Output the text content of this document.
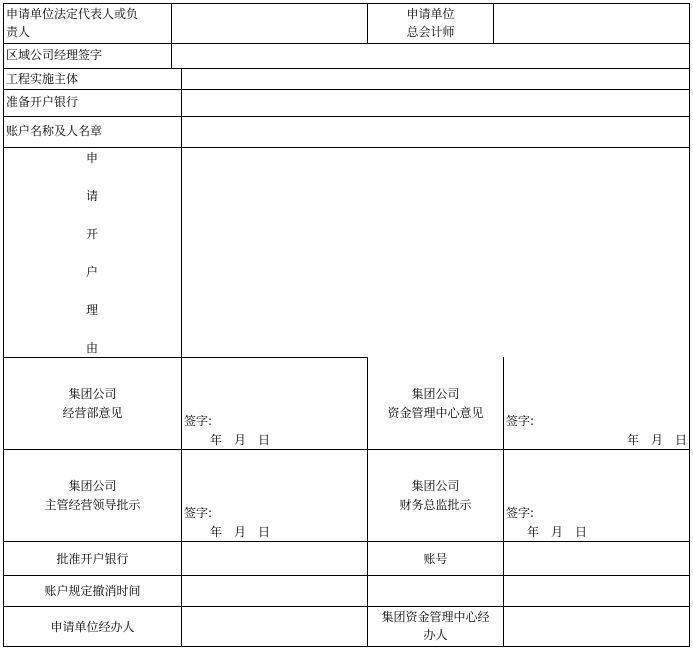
申请单位法定代表人或负
责人
申请单位
总会计师
区域公司经理签字
工程实施主体
准备开户银行
账户名称及人名章
申
请
开
户
理
由
集团公司
经营部意见
签字:
年　月　日
集团公司
资金管理中心意见
签字:
年　月　日
集团公司
主管经营领导批示
签字:
年　月　日
集团公司
财务总监批示
签字:
年　月　日
批准开户银行	账号
账户规定撤消时间
申请单位经办人
集团资金管理中心经
办人
